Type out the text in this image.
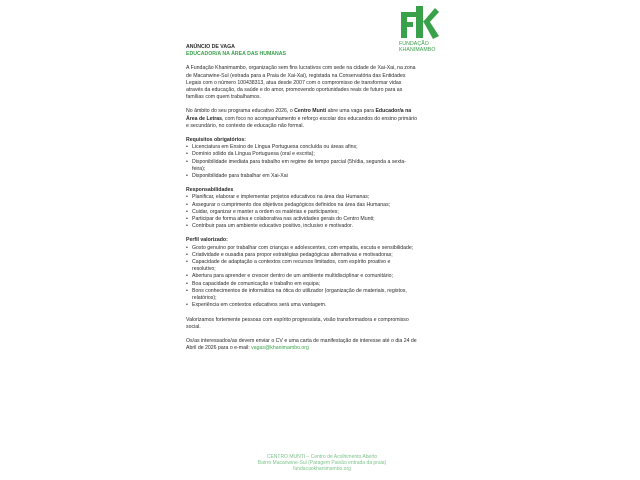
FUNDAÇÃO
KHANIMAMBO

ANÚNCIO DE VAGA

EDUCADOR/A NA ÁREA DAS HUMANAS

A Fundação Khanimambo, organização sem fins lucrativos com sede na cidade de Xai-Xai, na zona

de Macanwine-Sul (estrada para a Praia de Xai-Xai), registada na Conservatória das Entidades

Legais com o número 100438313, atua desde 2007 com o compromisso de transformar vidas

através da educação, da saúde e do amor, promovendo oportunidades reais de futuro para as

famílias com quem trabalhamos.

No âmbito do seu programa educativo 2026, o Centro Munti abre uma vaga para Educador/a na

Área de Letras, com foco no acompanhamento e reforço escolar dos educandos do ensino primário

e secundário, no contexto de educação não formal.

Requisitos obrigatórios:

• Licenciatura em Ensino de Língua Portuguesa concluída ou áreas afins;
• Domínio sólido da Língua Portuguesa (oral e escrita);
• Disponibilidade imediata para trabalho em regime de tempo parcial (5h/dia, segunda a sexta-
feira);
• Disponibilidade para trabalhar em Xai-Xai

Responsabilidades

• Planificar, elaborar e implementar projetos educativos na área das Humanas;
• Assegurar o cumprimento dos objetivos pedagógicos definidos na área das Humanas;
• Cuidar, organizar e manter a ordem os matérias e participantes;
• Participar de forma ativa e colaborativa nas actividades gerais do Centro Munti;
• Contribuir para um ambiente educativo positivo, inclusivo e motivador.

Perfil valorizado:

• Gosto genuíno por trabalhar com crianças e adolescentes, com empatia, escuta e sensibilidade;
• Criatividade e ousadia para propor estratégias pedagógicas alternativas e motivadoras;
• Capacidade de adaptação a contextos com recursos limitados, com espírito proativo e
resolutivo;
• Abertura para aprender e crescer dentro de um ambiente multidisciplinar e comunitário;
• Boa capacidade de comunicação e trabalho em equipa;
• Bons conhecimentos de informática na ótica do utilizador (organização de materiais, registos,
relatórios);
• Experiência em contextos educativos será uma vantagem.

Valorizamos fortemente pessoas com espírito progressista, visão transformadora e compromisso

social.

Os/as interessados/as devem enviar o CV e uma carta de manifestação de interesse até o dia 24 de

Abril de 2026 para o e-mail: vagas@khanimambo.org

CENTRO MUNTI – Centro de Acolhimento Aberto
Bairro Macanwine-Sul (Paragem Paixão entrada da praia)
fundacaokhanimambo.org
